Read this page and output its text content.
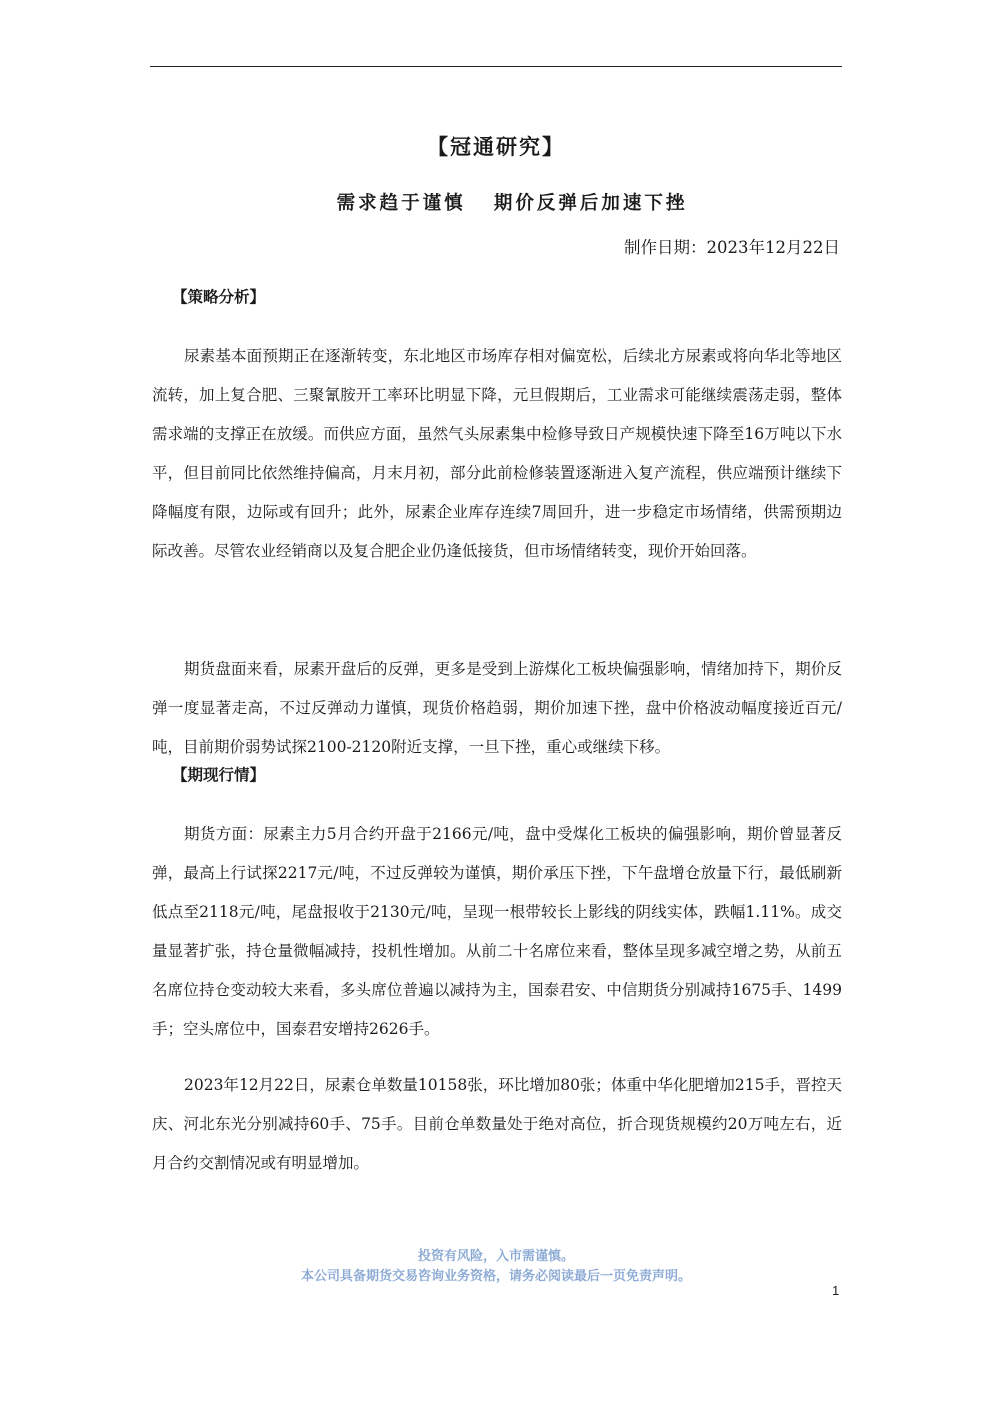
【冠通研究】
需求趋于谨慎   期价反弹后加速下挫
制作日期：2023年12月22日
【策略分析】

尿素基本面预期正在逐渐转变，东北地区市场库存相对偏宽松，后续北方尿素或将向华北等地区流转，加上复合肥、三聚氰胺开工率环比明显下降，元旦假期后，工业需求可能继续震荡走弱，整体需求端的支撑正在放缓。而供应方面，虽然气头尿素集中检修导致日产规模快速下降至16万吨以下水平，但目前同比依然维持偏高，月末月初，部分此前检修装置逐渐进入复产流程，供应端预计继续下降幅度有限，边际或有回升；此外，尿素企业库存连续7周回升，进一步稳定市场情绪，供需预期边际改善。尽管农业经销商以及复合肥企业仍逢低接货，但市场情绪转变，现价开始回落。

期货盘面来看，尿素开盘后的反弹，更多是受到上游煤化工板块偏强影响，情绪加持下，期价反弹一度显著走高，不过反弹动力谨慎，现货价格趋弱，期价加速下挫，盘中价格波动幅度接近百元/吨，目前期价弱势试探2100-2120附近支撑，一旦下挫，重心或继续下移。

【期现行情】

期货方面：尿素主力5月合约开盘于2166元/吨，盘中受煤化工板块的偏强影响，期价曾显著反弹，最高上行试探2217元/吨，不过反弹较为谨慎，期价承压下挫，下午盘增仓放量下行，最低刷新低点至2118元/吨，尾盘报收于2130元/吨，呈现一根带较长上影线的阴线实体，跌幅1.11%。成交量显著扩张，持仓量微幅减持，投机性增加。从前二十名席位来看，整体呈现多减空增之势，从前五名席位持仓变动较大来看，多头席位普遍以减持为主，国泰君安、中信期货分别减持1675手、1499手；空头席位中，国泰君安增持2626手。

2023年12月22日，尿素仓单数量10158张，环比增加80张；体重中华化肥增加215手，晋控天庆、河北东光分别减持60手、75手。目前仓单数量处于绝对高位，折合现货规模约20万吨左右，近月合约交割情况或有明显增加。

投资有风险，入市需谨慎。
本公司具备期货交易咨询业务资格，请务必阅读最后一页免责声明。
1
